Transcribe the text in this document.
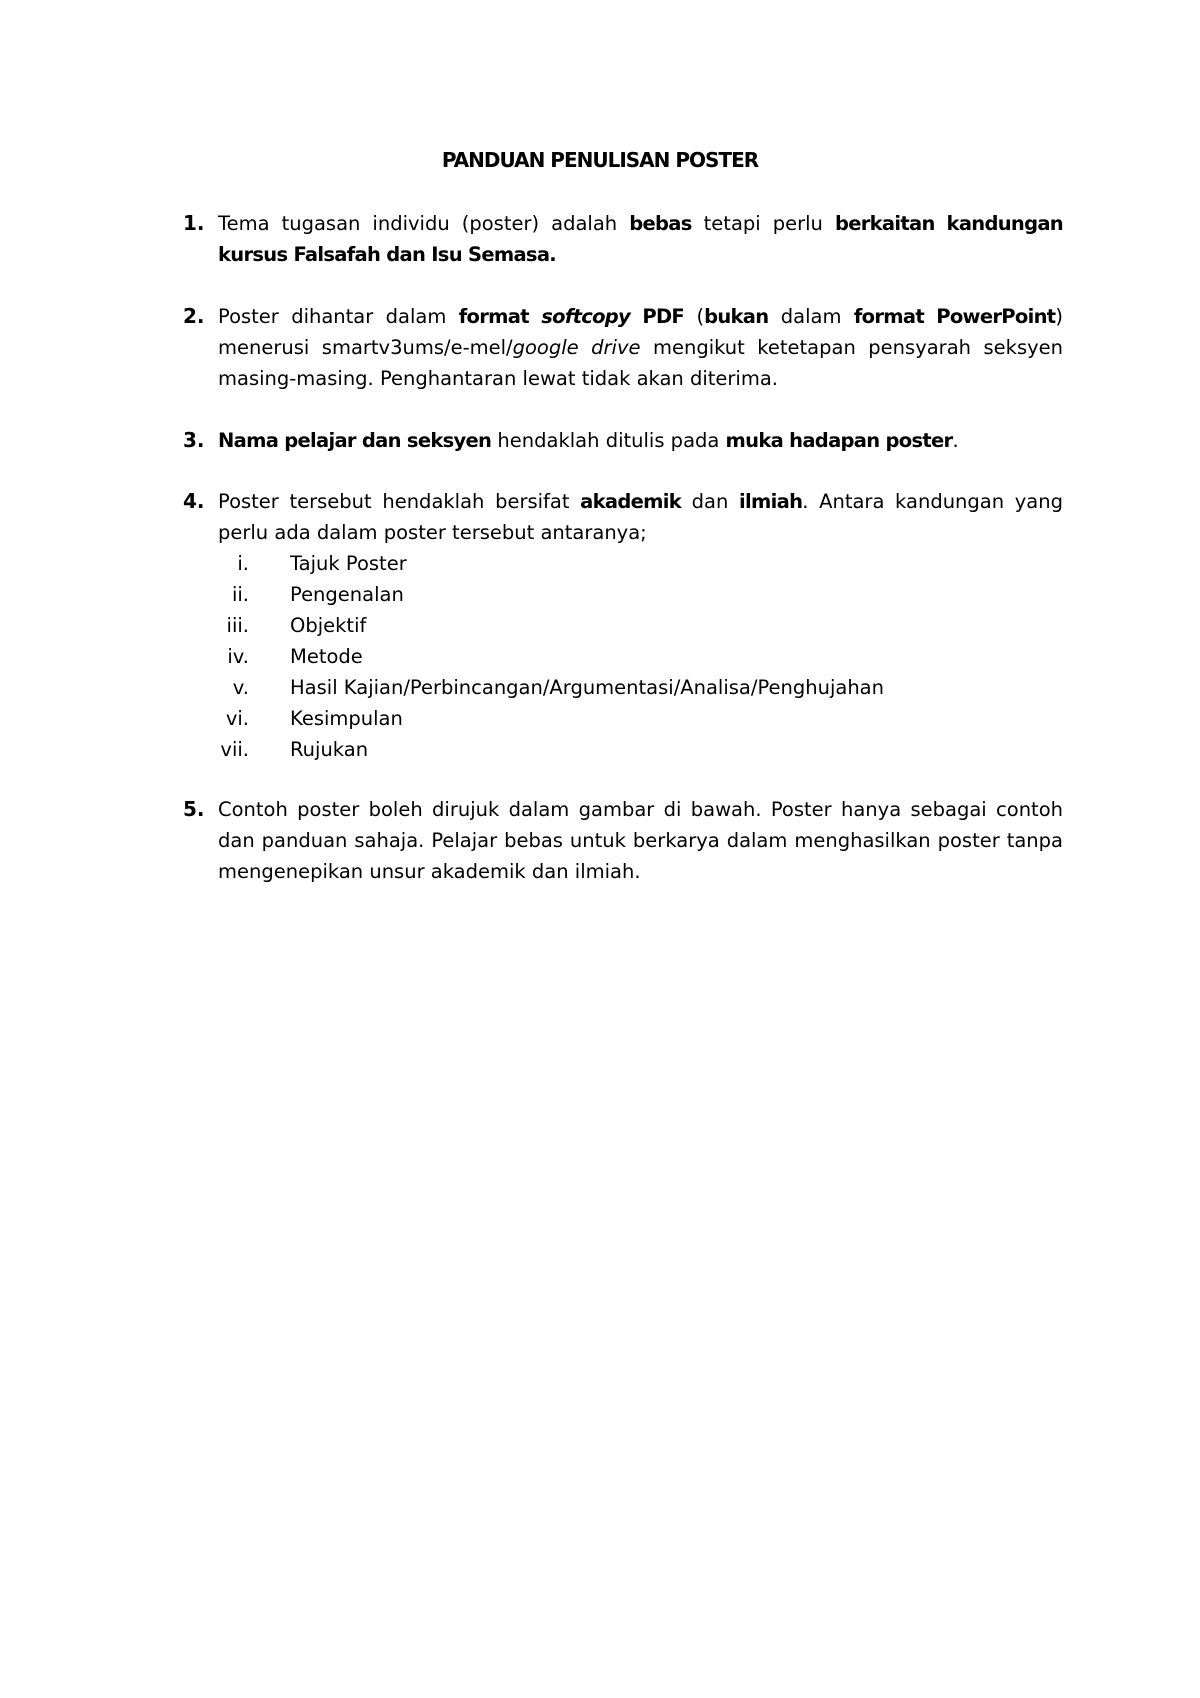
PANDUAN PENULISAN POSTER
1. Tema tugasan individu (poster) adalah bebas tetapi perlu berkaitan kandungan kursus Falsafah dan Isu Semasa.
2. Poster dihantar dalam format softcopy PDF (bukan dalam format PowerPoint) menerusi smartv3ums/e-mel/google drive mengikut ketetapan pensyarah seksyen masing-masing. Penghantaran lewat tidak akan diterima.
3. Nama pelajar dan seksyen hendaklah ditulis pada muka hadapan poster.
4. Poster tersebut hendaklah bersifat akademik dan ilmiah. Antara kandungan yang perlu ada dalam poster tersebut antaranya;
i. Tajuk Poster
ii. Pengenalan
iii. Objektif
iv. Metode
v. Hasil Kajian/Perbincangan/Argumentasi/Analisa/Penghujahan
vi. Kesimpulan
vii. Rujukan
5. Contoh poster boleh dirujuk dalam gambar di bawah. Poster hanya sebagai contoh dan panduan sahaja. Pelajar bebas untuk berkarya dalam menghasilkan poster tanpa mengenepikan unsur akademik dan ilmiah.
